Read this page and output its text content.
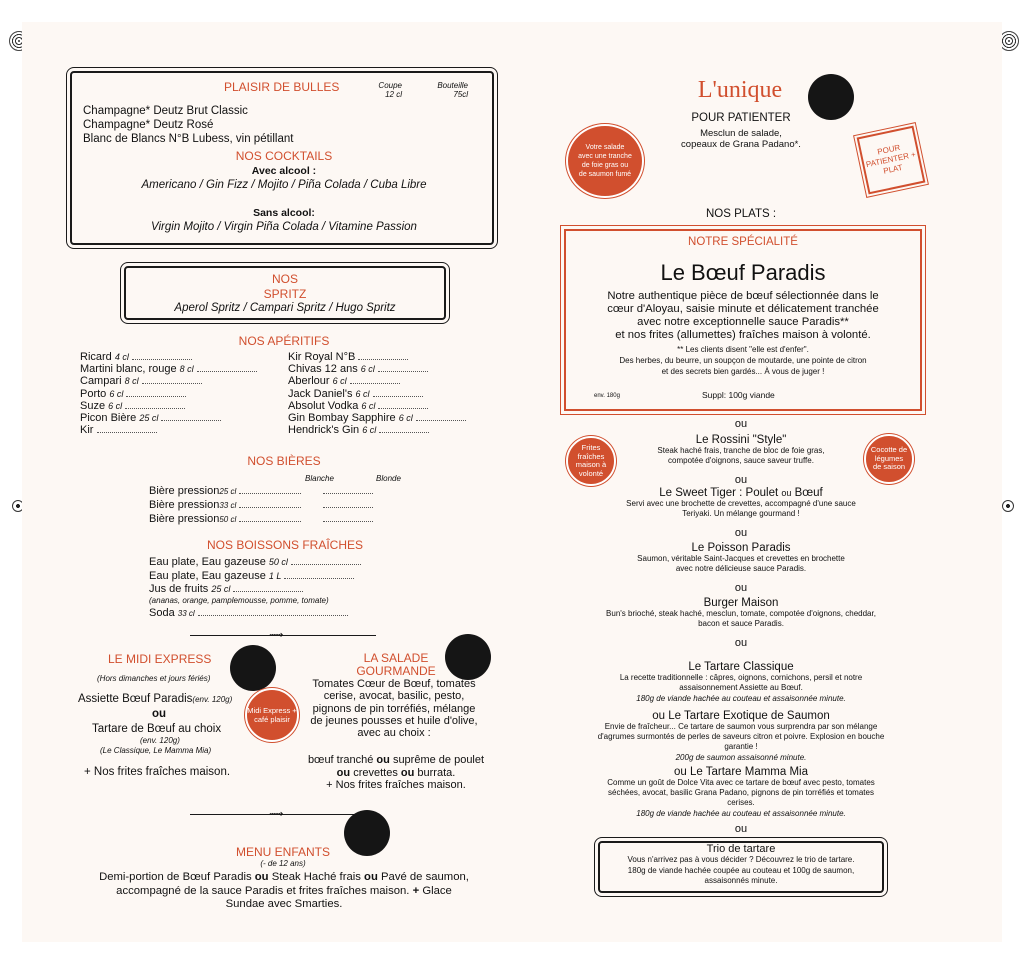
PLAISIR DE BULLES	Coupe
12 cl
Bouteille
75cl
Champagne* Deutz Brut Classic
Champagne* Deutz Rosé
Blanc de Blancs N°B Lubess, vin pétillant
NOS COCKTAILS
Avec alcool :
Americano / Gin Fizz / Mojito / Piña Colada / Cuba Libre
Sans alcool:
Virgin Mojito / Virgin Piña Colada / Vitamine Passion
NOS
SPRITZ
Aperol Spritz / Campari Spritz / Hugo Spritz
NOS APÉRITIFS
Ricard 4 cl
Martini blanc, rouge 8 cl
Campari 8 cl
Porto 6 cl
Suze 6 cl
Picon Bière 25 cl
Kir
Kir Royal N°B
Chivas 12 ans 6 cl
Aberlour 6 cl
Jack Daniel's 6 cl
Absolut Vodka 6 cl
Gin Bombay Sapphire 6 cl
Hendrick's Gin 6 cl
NOS BIÈRES
Blanche	Blonde
Bière pression25 cl
Bière pression33 cl
Bière pression50 cl
NOS BOISSONS FRAÎCHES
Eau plate, Eau gazeuse 50 cl
Eau plate, Eau gazeuse 1 L
Jus de fruits 25 cl
(ananas, orange, pamplemousse, pomme, tomate)
Soda 33 cl
⟿
LE MIDI EXPRESS
(Hors dimanches et jours fériés)
Assiette Bœuf Paradis(env. 120g)
ou
Tartare de Bœuf au choix
(env. 120g)
(Le Classique, Le Mamma Mia)
+ Nos frites fraîches maison.
Midi Express + café plaisir
LA SALADE
GOURMANDE
Tomates Cœur de Bœuf, tomates cerise, avocat, basilic, pesto, pignons de pin torréfiés, mélange de jeunes pousses et huile d'olive, avec au choix :
bœuf tranché ou suprême de poulet
ou crevettes ou burrata.
+ Nos frites fraîches maison.
⟿
MENU ENFANTS
(- de 12 ans)
Demi-portion de Bœuf Paradis ou Steak Haché frais ou Pavé de saumon,
accompagné de la sauce Paradis et frites fraîches maison. + Glace
Sundae avec Smarties.
L'unique
POUR PATIENTER
Mesclun de salade,
copeaux de Grana Padano*.
Votre salade avec une tranche de foie gras ou de saumon fumé
POUR PATIENTER + PLAT
NOS PLATS :
NOTRE SPÉCIALITÉ
Le Bœuf Paradis
Notre authentique pièce de bœuf sélectionnée dans le
cœur d'Aloyau, saisie minute et délicatement tranchée
avec notre exceptionnelle sauce Paradis**
et nos frites (allumettes) fraîches maison à volonté.
** Les clients disent "elle est d'enfer".
Des herbes, du beurre, un soupçon de moutarde, une pointe de citron
et des secrets bien gardés... À vous de juger !
env. 180g	Suppl: 100g viande
ou
Frites fraîches maison à volonté
Cocotte de légumes de saison
Le Rossini "Style"
Steak haché frais, tranche de bloc de foie gras,
compotée d'oignons, sauce saveur truffe.
ou
Le Sweet Tiger : Poulet ou Bœuf
Servi avec une brochette de crevettes, accompagné d'une sauce
Teriyaki. Un mélange gourmand !
ou
Le Poisson Paradis
Saumon, véritable Saint-Jacques et crevettes en brochette
avec notre délicieuse sauce Paradis.
ou
Burger Maison
Bun's brioché, steak haché, mesclun, tomate, compotée d'oignons, cheddar,
bacon et sauce Paradis.
ou
Le Tartare Classique
La recette traditionnelle : câpres, oignons, cornichons, persil et notre
assaisonnement Assiette au Bœuf.
180g de viande hachée au couteau et assaisonnée minute.
ou Le Tartare Exotique de Saumon
Envie de fraîcheur... Ce tartare de saumon vous surprendra par son mélange
d'agrumes surmontés de perles de saveurs citron et poivre. Explosion en bouche
garantie !
200g de saumon assaisonné minute.
ou Le Tartare Mamma Mia
Comme un goût de Dolce Vita avec ce tartare de bœuf avec pesto, tomates
séchées, avocat, basilic Grana Padano, pignons de pin torréfiés et tomates
cerises.
180g de viande hachée au couteau et assaisonnée minute.
ou
Trio de tartare
Vous n'arrivez pas à vous décider ? Découvrez le trio de tartare.
180g de viande hachée coupée au couteau et 100g de saumon,
assaisonnés minute.
